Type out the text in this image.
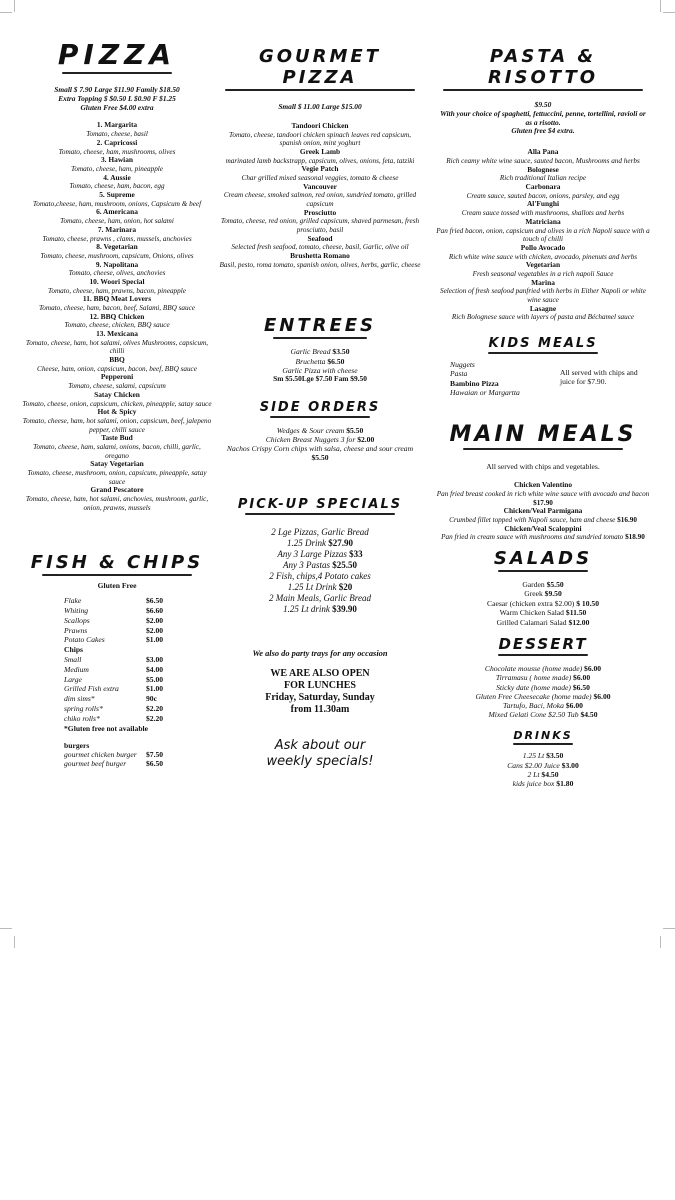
PIZZA
Small $ 7.90 Large $11.90 Family $18.50
Extra Topping $ $0.50 L $0.90 F $1.25
Gluten Free $4.00 extra
1. Margarita
Tomato, cheese, basil
2. Capricossi
Tomato, cheese, ham, mushrooms, olives
3. Hawian
Tomato, cheese, ham, pineapple
4. Aussie
Tomato, cheese, ham, bacon, egg
5. Supreme
Tomato,cheese, ham, mushroom, onions, Capsicum & beef
6. Americana
Tomato, cheese, ham, onion, hot salami
7. Marinara
Tomato, cheese, prawns , clams, mussels, anchovies
8. Vegetarian
Tomato, cheese, mushroom, capsicum, Onions, olives
9. Napolitana
Tomato, cheese, olives, anchovies
10. Woori Special
Tomato, cheese, ham, prawns, bacon, pineapple
11. BBQ Meat Lovers
Tomato, cheese, ham, bacon, beef, Salami, BBQ sauce
12. BBQ Chicken
Tomato, cheese, chicken, BBQ sauce
13. Mexicana
Tomato, cheese, ham, hot salami, olives Mushrooms, capsicum, chilli
BBQ
Cheese, ham, onion, capsicum, bacon, beef, BBQ sauce
Pepperoni
Tomato, cheese, salami, capsicum
Satay Chicken
Tomato, cheese, onion, capsicum, chicken, pineapple, satay sauce
Hot & Spicy
Tomato, cheese, ham, hot salami, onion, capsicum, beef, jalepeno pepper, chilli sauce
Taste Bud
Tomato, cheese, ham, salami, onions, bacon, chilli, garlic, oregano
Satay Vegetarian
Tomato, cheese, mushroom, onion, capsicum, pineapple, satay sauce
Grand Pescatore
Tomato, cheese, ham, hot salami, anchovies, mushroom, garlic, onion, prawns, mussels
FISH & CHIPS
Gluten Free
Flake	$6.50
Whiting	$6.60
Scallops	$2.00
Prawns	$2.00
Potato Cakes	$1.00
Chips	
Small	$3.00
Medium	$4.00
Large	$5.00
Grilled Fish extra	$1.00
dim sims*	90c
spring rolls*	$2.20
chiko rolls*	$2.20
*Gluten free not available
burgers
gourmet chicken burger	$7.50
gourmet beef burger	$6.50
GOURMET PIZZA
Small $ 11.00 Large $15.00
Tandoori Chicken
Tomato, cheese, tandoori chicken spinach leaves red capsicum, spanish onion, mint yoghurt
Greek Lamb
marinated lamb backstrapp, capsicum, olives, onions, feta, tatziki
Vegie Patch
Char grilled mixed seasonal veggies, tomato & cheese
Vancouver
Cream cheese, smoked salmon, red onion, sundried tomato, grilled capsicum
Prosciutto
Tomato, cheese, red onion, grilled capsicum, shaved parmesan, fresh prosciutto, basil
Seafood
Selected fresh seafood, tomato, cheese, basil, Garlic, olive oil
Brushetta Romano
Basil, pesto, roma tomato, spanish onion, olives, herbs, garlic, cheese
ENTREES
Garlic Bread $3.50
Bruchetta $6.50
Garlic Pizza with cheese
Sm $5.50Lge $7.50 Fam $9.50
SIDE ORDERS
Wedges & Sour cream $5.50
Chicken Breast Nuggets 3 for $2.00
Nachos Crispy Corn chips with salsa, cheese and sour cream $5.50
PICK-UP SPECIALS
2 Lge Pizzas, Garlic Bread
1.25 Drink $27.90
Any 3 Large Pizzas $33
Any 3 Pastas $25.50
2 Fish, chips,4 Potato cakes
1.25 Lt Drink $20
2 Main Meals, Garlic Bread
1.25 Lt drink $39.90
We also do party trays for any occasion
WE ARE ALSO OPEN
FOR LUNCHES
Friday, Saturday, Sunday
from 11.30am
Ask about our
weekly specials!
PASTA & RISOTTO
$9.50
With your choice of spaghetti, fettuccini, penne, tortellini, ravioli or as a risotto.
Gluten free $4 extra.
Alla Pana
Rich ceamy white wine sauce, sauted bacon, Mushrooms and herbs
Bolognese
Rich traditional Italian recipe
Carbonara
Cream sauce, sauted bacon, onions, parsley, and egg
Al'Funghi
Cream sauce tossed with mushrooms, shallots and herbs
Matriciana
Pan fried bacon, onion, capsicum and olives in a rich Napoli sauce with a touch of chilli
Pollo Avocado
Rich white wine sauce with chicken, avocado, pinenuts and herbs
Vegetarian
Fresh seasonal vegetables in a rich napoli Sauce
Marina
Selection of fresh seafood panfried with herbs in Either Napoli or white wine sauce
Lasagne
Rich Bolognese sauce with layers of pasta and Béchamel sauce
KIDS MEALS
Nuggets
Pasta
Bambino Pizza
Hawaian or Margartta
All served with chips and juice for $7.90.
MAIN MEALS
All served with chips and vegetables.
Chicken Valentino
Pan fried breast cooked in rich white wine sauce with avocado and bacon $17.90
Chicken/Veal Parmigana
Crumbed fillet topped with Napoli sauce, ham and cheese $16.90
Chicken/Veal Scaloppini
Pan fried in cream sauce with mushrooms and sundried tomato $18.90
SALADS
Garden $5.50
Greek $9.50
Caesar (chicken extra $2.00) $ 10.50
Warm Chicken Salad $11.50
Grilled Calamari Salad $12.00
DESSERT
Chocolate mousse (home made) $6.00
Tirramasu ( home made) $6.00
Sticky date (home made) $6.50
Gluten Free Cheesecake (home made) $6.00
Tartufo, Baci, Moka $6.00
Mixed Gelati Cone $2.50 Tub $4.50
DRINKS
1.25 Lt $3.50
Cans $2.00 Juice $3.00
2 Lt $4.50
kids juice box $1.80
